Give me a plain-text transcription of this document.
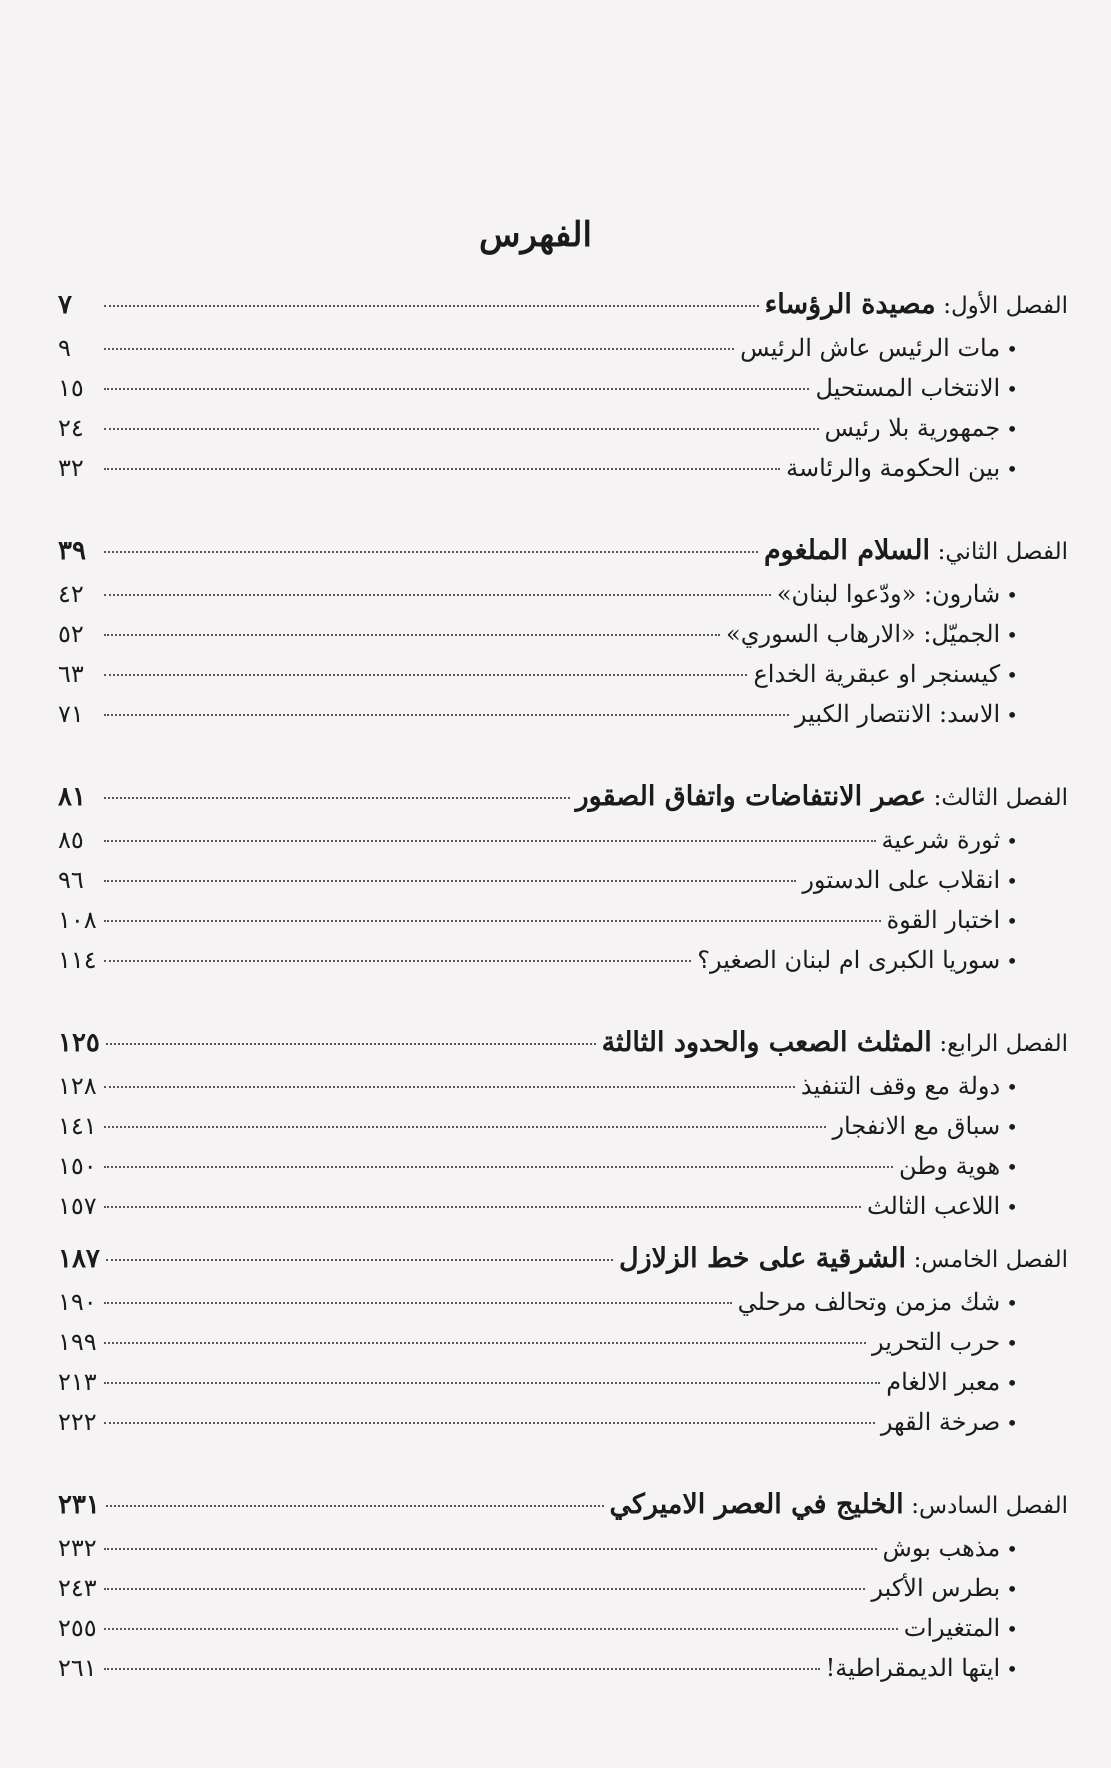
الفهرس
الفصل الأول: مصيدة الرؤساء
٧
•مات الرئيس عاش الرئيس
٩
•الانتخاب المستحيل
١٥
•جمهورية بلا رئيس
٢٤
•بين الحكومة والرئاسة
٣٢
الفصل الثاني: السلام الملغوم
٣٩
•شارون: «ودّعوا لبنان»
٤٢
•الجميّل: «الارهاب السوري»
٥٢
•كيسنجر او عبقرية الخداع
٦٣
•الاسد: الانتصار الكبير
٧١
الفصل الثالث: عصر الانتفاضات واتفاق الصقور
٨١
•ثورة شرعية
٨٥
•انقلاب على الدستور
٩٦
•اختبار القوة
١٠٨
•سوريا الكبرى ام لبنان الصغير؟
١١٤
الفصل الرابع: المثلث الصعب والحدود الثالثة
١٢٥
•دولة مع وقف التنفيذ
١٢٨
•سباق مع الانفجار
١٤١
•هوية وطن
١٥٠
•اللاعب الثالث
١٥٧
الفصل الخامس: الشرقية على خط الزلازل
١٨٧
•شك مزمن وتحالف مرحلي
١٩٠
•حرب التحرير
١٩٩
•معبر الالغام
٢١٣
•صرخة القهر
٢٢٢
الفصل السادس: الخليج في العصر الاميركي
٢٣١
•مذهب بوش
٢٣٢
•بطرس الأكبر
٢٤٣
•المتغيرات
٢٥٥
•ايتها الديمقراطية!
٢٦١
